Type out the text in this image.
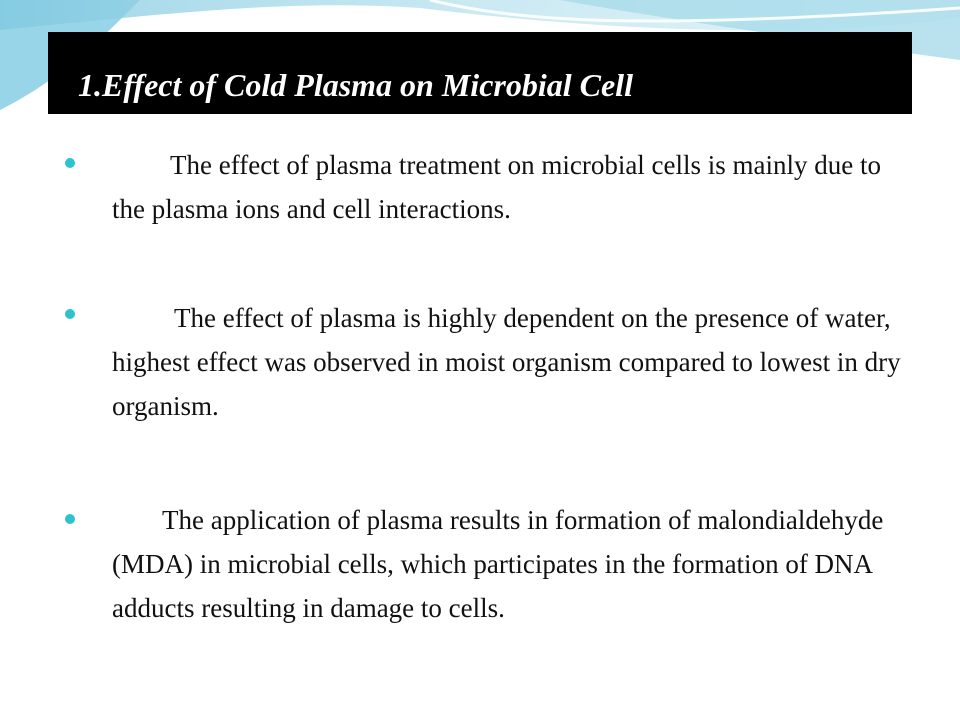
1.Effect of Cold Plasma on Microbial Cell

The effect of plasma treatment on microbial cells is mainly due to the plasma ions and cell interactions.

The effect of plasma is highly dependent on the presence of water, highest effect was observed in moist organism compared to lowest in dry organism.

The application of plasma results in formation of malondialdehyde (MDA) in microbial cells, which participates in the formation of DNA adducts resulting in damage to cells.
